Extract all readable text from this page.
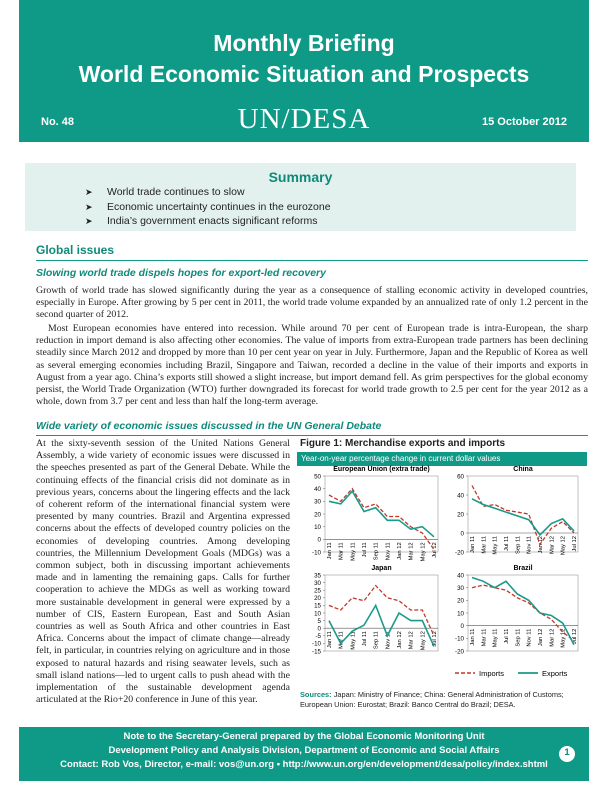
Monthly Briefing
World Economic Situation and Prospects
No. 48	UN/DESA	15 October 2012
Summary
➤ World trade continues to slow
➤ Economic uncertainty continues in the eurozone
➤ India’s government enacts significant reforms
Global issues
Slowing world trade dispels hopes for export-led recovery

Growth of world trade has slowed significantly during the year as a consequence of stalling economic activity in developed countries, especially in Europe. After growing by 5 per cent in 2011, the world trade volume expanded by an annualized rate of only 1.2 percent in the second quarter of 2012.

Most European economies have entered into recession. While around 70 per cent of European trade is intra-European, the sharp reduction in import demand is also affecting other economies. The value of imports from extra-European trade partners has been declining steadily since March 2012 and dropped by more than 10 per cent year on year in July. Furthermore, Japan and the Republic of Korea as well as several emerging economies including Brazil, Singapore and Taiwan, recorded a decline in the value of their imports and exports in August from a year ago. China’s exports still showed a slight increase, but import demand fell. As grim perspectives for the global economy persist, the World Trade Organization (WTO) further downgraded its forecast for world trade growth to 2.5 per cent for the year 2012 as a whole, down from 3.7 per cent and less than half the long-term average.

Wide variety of economic issues discussed in the UN General Debate

At the sixty-seventh session of the United Nations General Assembly, a wide variety of economic issues were discussed in the speeches presented as part of the General Debate. While the continuing effects of the financial crisis did not dominate as in previous years, concerns about the lingering effects and the lack of coherent reform of the international financial system were presented by many countries. Brazil and Argentina expressed concerns about the effects of developed country policies on the economies of developing countries. Among developing countries, the Millennium Development Goals (MDGs) was a common subject, both in discussing important achievements made and in lamenting the remaining gaps. Calls for further cooperation to achieve the MDGs as well as working toward more sustainable development in general were expressed by a number of CIS, Eastern European, East and South Asian countries as well as South Africa and other countries in East Africa. Concerns about the impact of climate change—already felt, in particular, in countries relying on agriculture and in those exposed to natural hazards and rising seawater levels, such as small island nations—led to urgent calls to push ahead with the implementation of the sustainable development agenda articulated at the Rio+20 conference in June of this year.

Figure 1: Merchandise exports and imports
Year-on-year percentage change in current dollar values
Imports	Exports
European Union (extra trade)
-10
0
10
20
30
40
50
Jan 11 Mar 11 May 11 Jul 11 Sep 11 Nov 11 Jan 12 Mar 12 May 12 Jul 12
China
-20
0
20
40
60
Jan 11 Mar 11 May 11 Jul 11 Sep 11 Nov 11 Jan 12 Mar 12 May 12 Jul 12
Japan
-15
-10
-5
0
5
10
15
20
25
30
35
Jan 11 Mar 11 May 11 Jul 11 Sep 11 Nov 11 Jan 12 Mar 12 May 12 Jul 12
Brazil
-20
-10
0
10
20
30
40
Jan 11 Mar 11 May 11 Jul 11 Sep 11 Nov 11 Jan 12 Mar 12 May 12 Jul 12
Sources: Japan: Ministry of Finance; China: General Administration of Customs; European Union: Eurostat; Brazil: Banco Central do Brazil; DESA.
Note to the Secretary-General prepared by the Global Economic Monitoring Unit
Development Policy and Analysis Division, Department of Economic and Social Affairs
Contact: Rob Vos, Director, e-mail: vos@un.org • http://www.un.org/en/development/desa/policy/index.shtml
1
